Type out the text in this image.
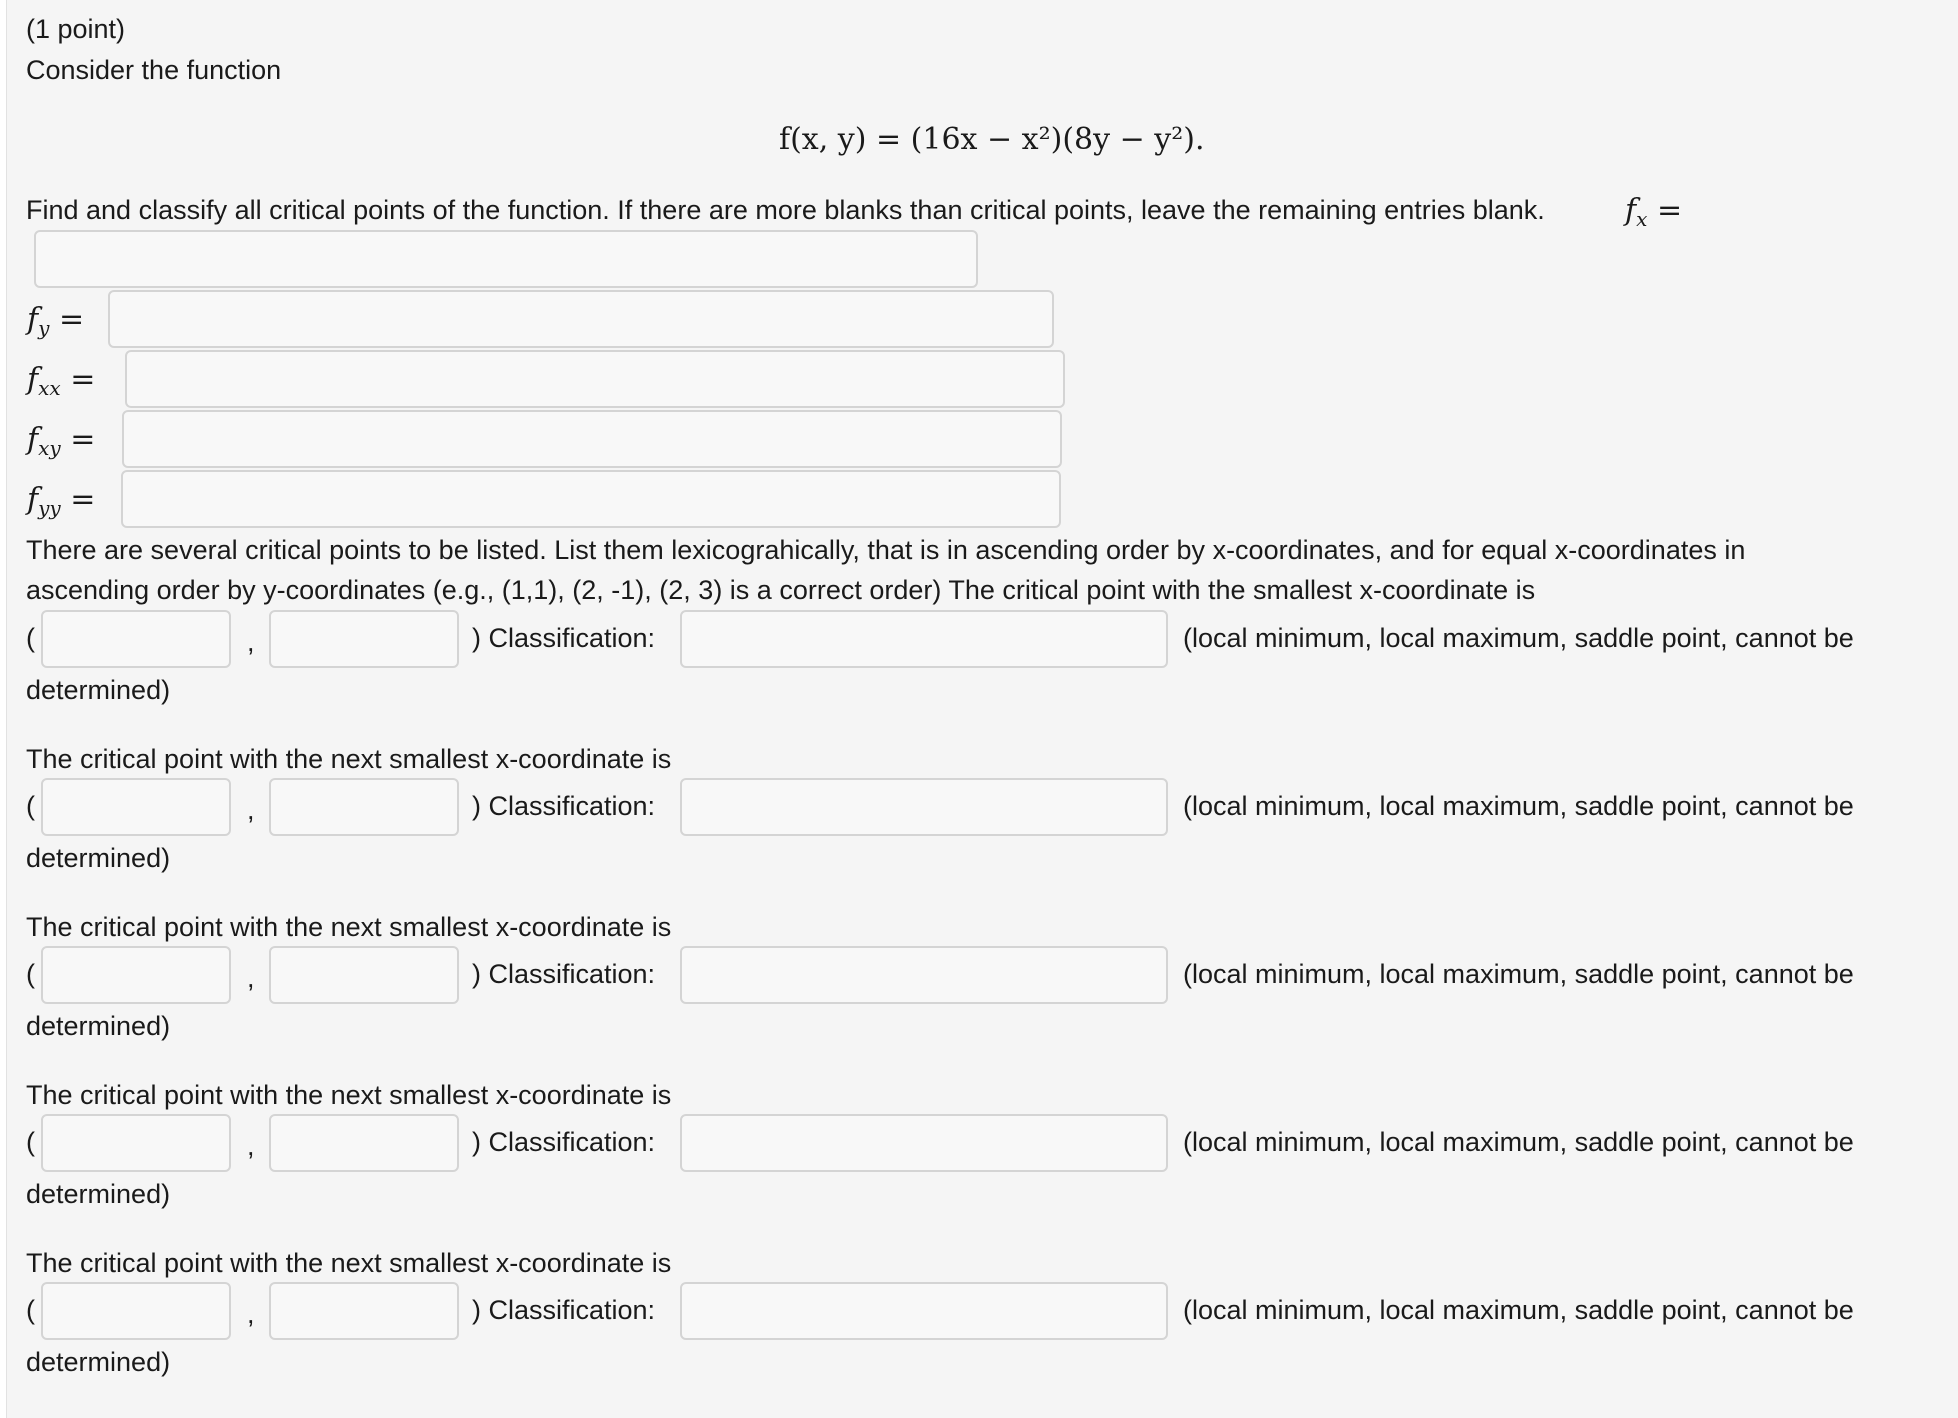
(1 point)
Consider the function
f(x, y) = (16x − x²)(8y − y²).
Find and classify all critical points of the function. If there are more blanks than critical points, leave the remaining entries blank.	$f_x$ =
$f_y$ =
$f_{xx}$ =
$f_{xy}$ =
$f_{yy}$ =
There are several critical points to be listed. List them lexicograhically, that is in ascending order by x-coordinates, and for equal x-coordinates in
ascending order by y-coordinates (e.g., (1,1), (2, -1), (2, 3) is a correct order) The critical point with the smallest x-coordinate is
(	,	) Classification:	(local minimum, local maximum, saddle point, cannot be
determined)
The critical point with the next smallest x-coordinate is
(	,	) Classification:	(local minimum, local maximum, saddle point, cannot be
determined)
The critical point with the next smallest x-coordinate is
(	,	) Classification:	(local minimum, local maximum, saddle point, cannot be
determined)
The critical point with the next smallest x-coordinate is
(	,	) Classification:	(local minimum, local maximum, saddle point, cannot be
determined)
The critical point with the next smallest x-coordinate is
(	,	) Classification:	(local minimum, local maximum, saddle point, cannot be
determined)
